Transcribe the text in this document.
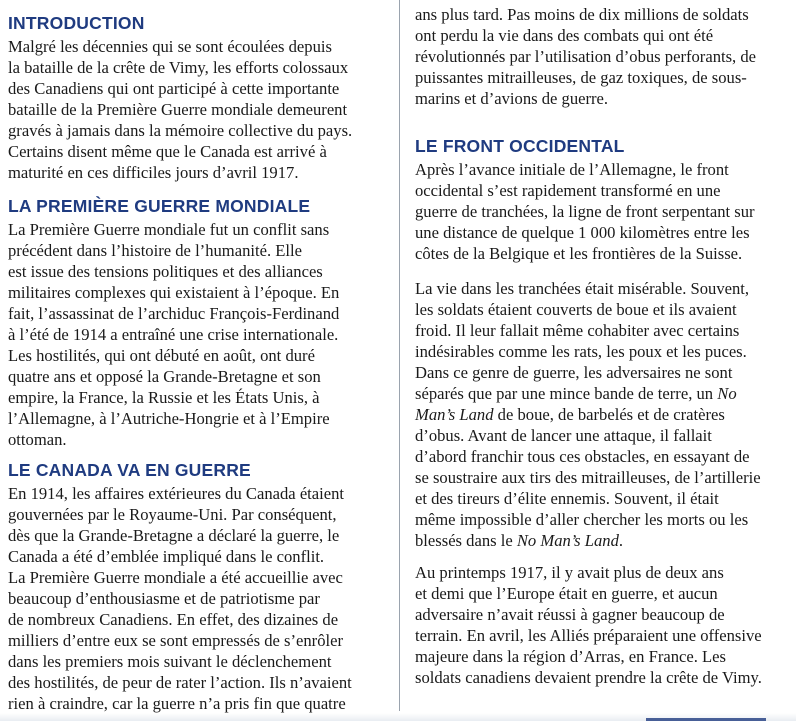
INTRODUCTION

Malgré les décennies qui se sont écoulées depuis
la bataille de la crête de Vimy, les efforts colossaux
des Canadiens qui ont participé à cette importante
bataille de la Première Guerre mondiale demeurent
gravés à jamais dans la mémoire collective du pays.
Certains disent même que le Canada est arrivé à
maturité en ces difficiles jours d’avril 1917.

LA PREMIÈRE GUERRE MONDIALE

La Première Guerre mondiale fut un conflit sans
précédent dans l’histoire de l’humanité. Elle
est issue des tensions politiques et des alliances
militaires complexes qui existaient à l’époque. En
fait, l’assassinat de l’archiduc François-Ferdinand
à l’été de 1914 a entraîné une crise internationale.
Les hostilités, qui ont débuté en août, ont duré
quatre ans et opposé la Grande-Bretagne et son
empire, la France, la Russie et les États Unis, à
l’Allemagne, à l’Autriche-Hongrie et à l’Empire
ottoman.

LE CANADA VA EN GUERRE

En 1914, les affaires extérieures du Canada étaient
gouvernées par le Royaume-Uni. Par conséquent,
dès que la Grande-Bretagne a déclaré la guerre, le
Canada a été d’emblée impliqué dans le conflit.
La Première Guerre mondiale a été accueillie avec
beaucoup d’enthousiasme et de patriotisme par
de nombreux Canadiens. En effet, des dizaines de
milliers d’entre eux se sont empressés de s’enrôler
dans les premiers mois suivant le déclenchement
des hostilités, de peur de rater l’action. Ils n’avaient
rien à craindre, car la guerre n’a pris fin que quatre

ans plus tard. Pas moins de dix millions de soldats
ont perdu la vie dans des combats qui ont été
révolutionnés par l’utilisation d’obus perforants, de
puissantes mitrailleuses, de gaz toxiques, de sous-
marins et d’avions de guerre.

LE FRONT OCCIDENTAL

Après l’avance initiale de l’Allemagne, le front
occidental s’est rapidement transformé en une
guerre de tranchées, la ligne de front serpentant sur
une distance de quelque 1 000 kilomètres entre les
côtes de la Belgique et les frontières de la Suisse.

La vie dans les tranchées était misérable. Souvent,
les soldats étaient couverts de boue et ils avaient
froid. Il leur fallait même cohabiter avec certains
indésirables comme les rats, les poux et les puces.
Dans ce genre de guerre, les adversaires ne sont
séparés que par une mince bande de terre, un No
Man’s Land de boue, de barbelés et de cratères
d’obus. Avant de lancer une attaque, il fallait
d’abord franchir tous ces obstacles, en essayant de
se soustraire aux tirs des mitrailleuses, de l’artillerie
et des tireurs d’élite ennemis. Souvent, il était
même impossible d’aller chercher les morts ou les
blessés dans le No Man’s Land.

Au printemps 1917, il y avait plus de deux ans
et demi que l’Europe était en guerre, et aucun
adversaire n’avait réussi à gagner beaucoup de
terrain. En avril, les Alliés préparaient une offensive
majeure dans la région d’Arras, en France. Les
soldats canadiens devaient prendre la crête de Vimy.
